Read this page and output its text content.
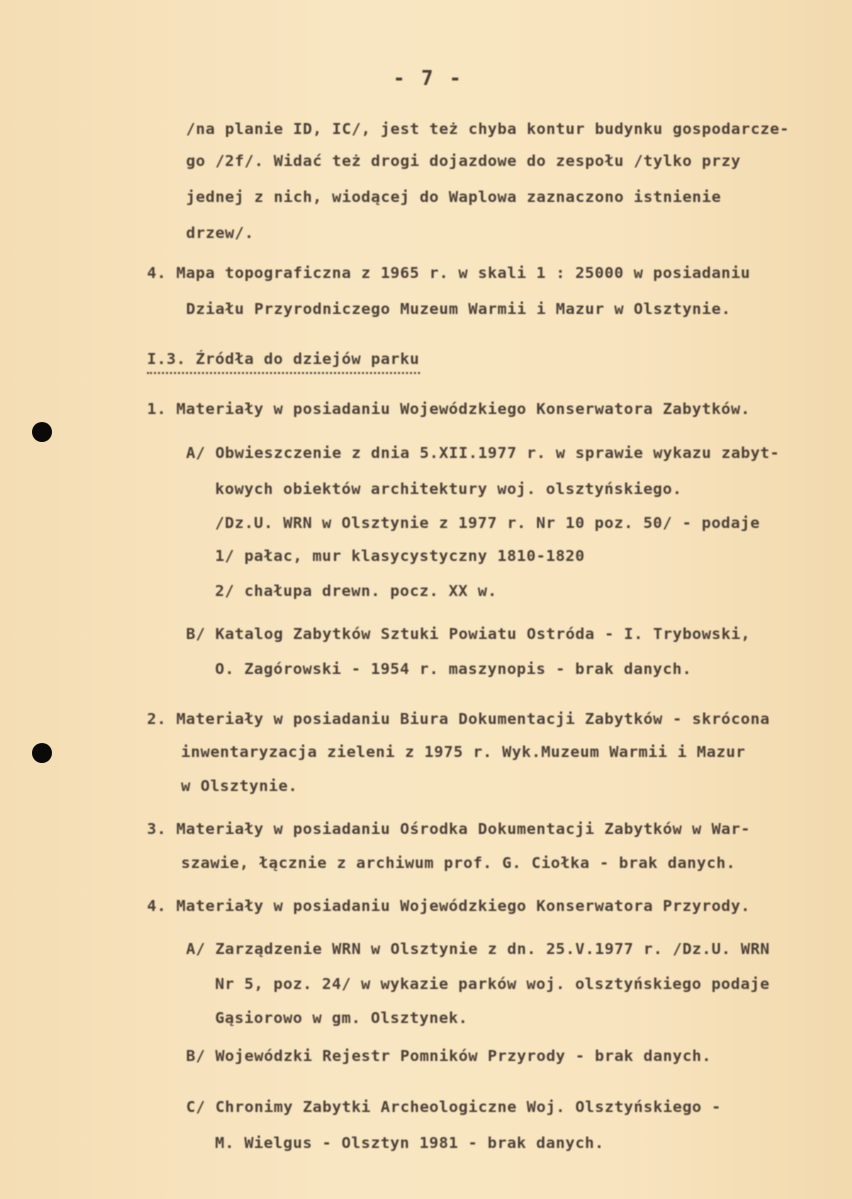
- 7 -
/na planie ID, IC/, jest też chyba kontur budynku gospodarcze-
go /2f/. Widać też drogi dojazdowe do zespołu /tylko przy
jednej z nich, wiodącej do Waplowa zaznaczono istnienie
drzew/.
4. Mapa topograficzna z 1965 r. w skali 1 : 25000 w posiadaniu
Działu Przyrodniczego Muzeum Warmii i Mazur w Olsztynie.
I.3. Źródła do dziejów parku
1. Materiały w posiadaniu Wojewódzkiego Konserwatora Zabytków.
A/ Obwieszczenie z dnia 5.XII.1977 r. w sprawie wykazu zabyt-
kowych obiektów architektury woj. olsztyńskiego.
/Dz.U. WRN w Olsztynie z 1977 r. Nr 10 poz. 50/ - podaje
1/ pałac, mur klasycystyczny 1810-1820
2/ chałupa drewn. pocz. XX w.
B/ Katalog Zabytków Sztuki Powiatu Ostróda - I. Trybowski,
O. Zagórowski - 1954 r. maszynopis - brak danych.
2. Materiały w posiadaniu Biura Dokumentacji Zabytków - skrócona
inwentaryzacja zieleni z 1975 r. Wyk.Muzeum Warmii i Mazur
w Olsztynie.
3. Materiały w posiadaniu Ośrodka Dokumentacji Zabytków w War-
szawie, łącznie z archiwum prof. G. Ciołka - brak danych.
4. Materiały w posiadaniu Wojewódzkiego Konserwatora Przyrody.
A/ Zarządzenie WRN w Olsztynie z dn. 25.V.1977 r. /Dz.U. WRN
Nr 5, poz. 24/ w wykazie parków woj. olsztyńskiego podaje
Gąsiorowo w gm. Olsztynek.
B/ Wojewódzki Rejestr Pomników Przyrody - brak danych.
C/ Chronimy Zabytki Archeologiczne Woj. Olsztyńskiego -
M. Wielgus - Olsztyn 1981 - brak danych.
